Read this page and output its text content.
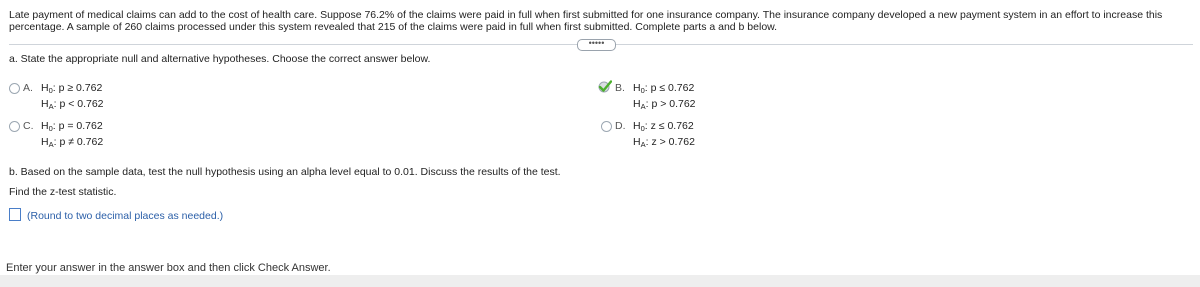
Late payment of medical claims can add to the cost of health care. Suppose 76.2% of the claims were paid in full when first submitted for one insurance company. The insurance company developed a new payment system in an effort to increase this percentage. A sample of 260 claims processed under this system revealed that 215 of the claims were paid in full when first submitted. Complete parts a and b below.
•••••
a. State the appropriate null and alternative hypotheses. Choose the correct answer below.
A. $H_0$: p ≥ 0.762
$H_A$: p < 0.762
B. $H_0$: p ≤ 0.762
$H_A$: p > 0.762
C. $H_0$: p = 0.762
$H_A$: p ≠ 0.762
D. $H_0$: z ≤ 0.762
$H_A$: z > 0.762
b. Based on the sample data, test the null hypothesis using an alpha level equal to 0.01. Discuss the results of the test.
Find the z-test statistic.
(Round to two decimal places as needed.)
Enter your answer in the answer box and then click Check Answer.
